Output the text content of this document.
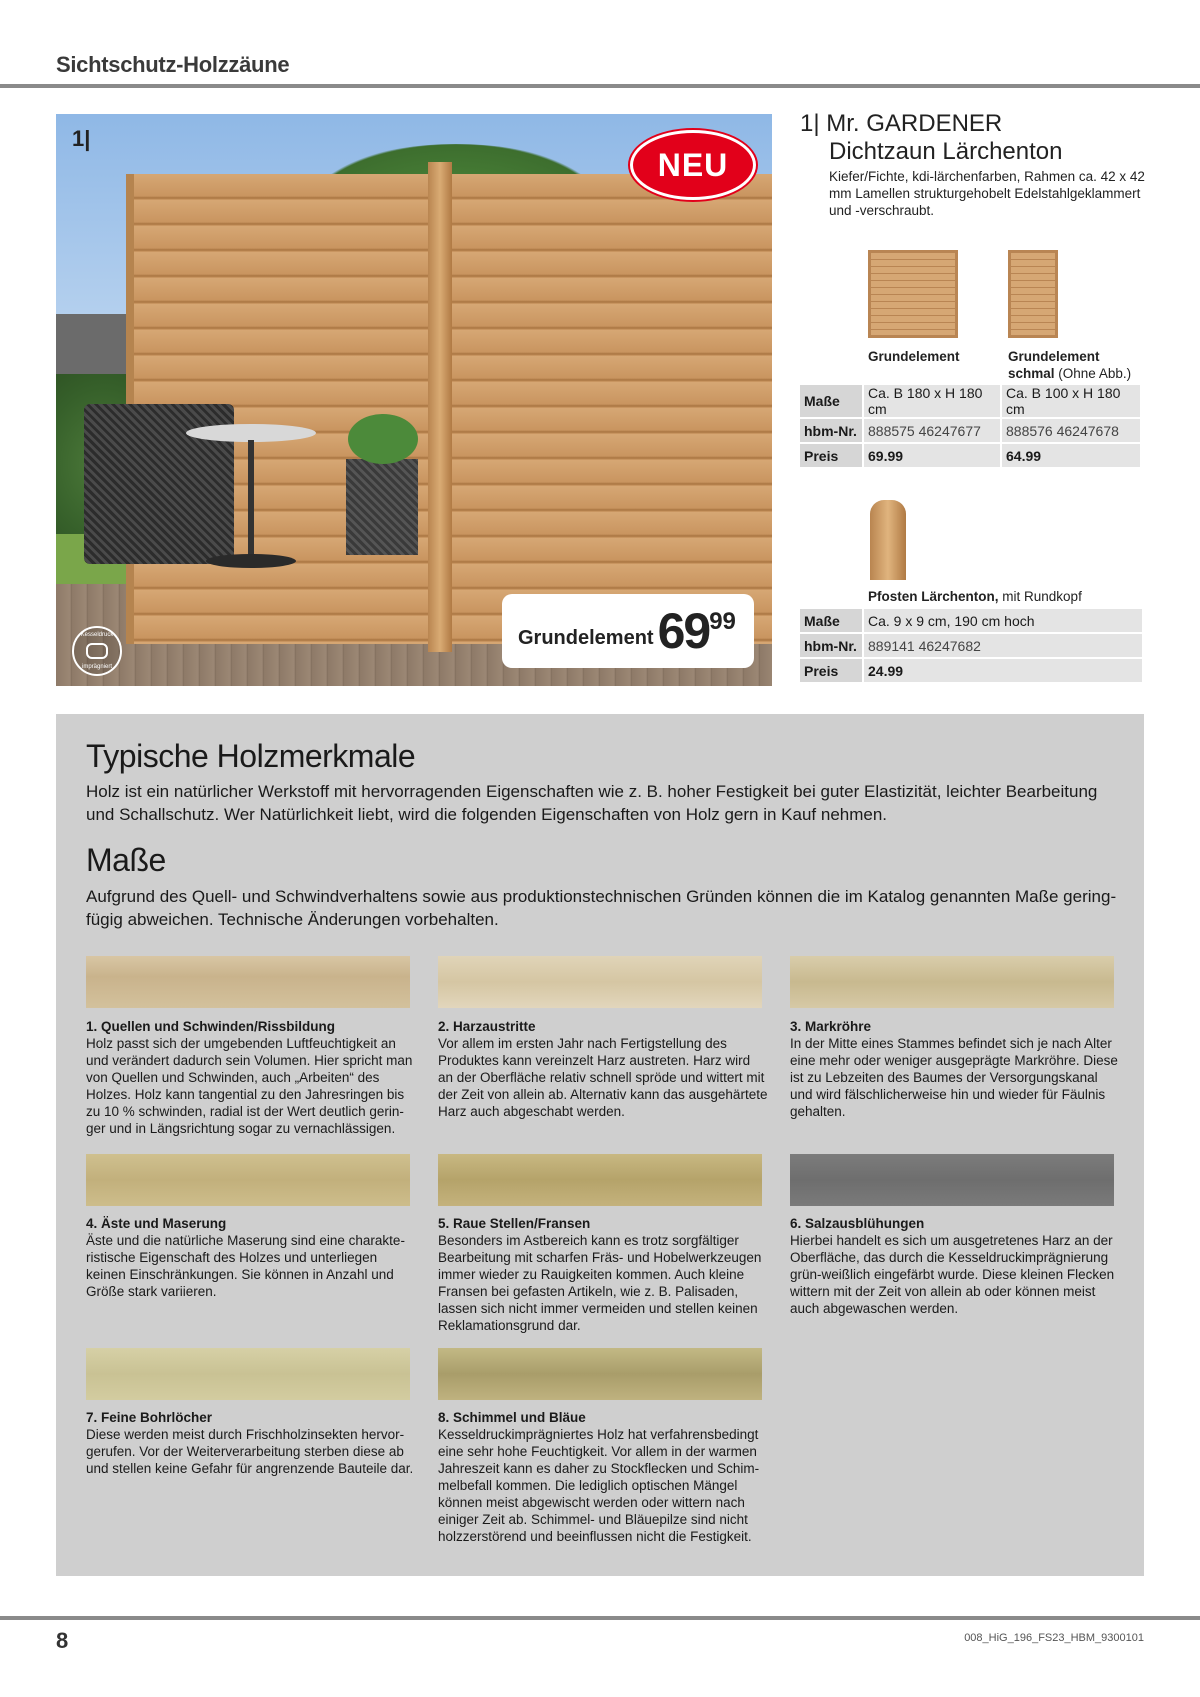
Sichtschutz-Holzzäune
1|
NEU
Grundelement 69 99
Kesseldruck
imprägniert
1| Mr. GARDENER
Dichtzaun Lärchenton
Kiefer/Fichte, kdi-lärchenfarben, Rahmen ca. 42 x 42 mm Lamellen strukturgehobelt Edelstahlgeklammert und -verschraubt.
Grundelement	Grundelement
schmal (Ohne Abb.)
Maße	Ca. B 180 x H 180 cm	Ca. B 100 x H 180 cm
hbm-Nr.	888575 46247677	888576 46247678
Preis	69.99	64.99
Pfosten Lärchenton, mit Rundkopf
Maße	Ca. 9 x 9 cm, 190 cm hoch
hbm-Nr.	889141 46247682
Preis	24.99
Typische Holzmerkmale
Holz ist ein natürlicher Werkstoff mit hervorragenden Eigenschaften wie z. B. hoher Festigkeit bei guter Elastizität, leichter Bearbeitung und Schallschutz. Wer Natürlichkeit liebt, wird die folgenden Eigenschaften von Holz gern in Kauf nehmen.
Maße
Aufgrund des Quell- und Schwindverhaltens sowie aus produktionstechnischen Gründen können die im Katalog genannten Maße geringfügig abweichen. Technische Änderungen vorbehalten.
1. Quellen und Schwinden/Rissbildung
Holz passt sich der umgebenden Luftfeuchtigkeit an und verändert dadurch sein Volumen. Hier spricht man von Quellen und Schwinden, auch „Arbeiten“ des Holzes. Holz kann tangential zu den Jahresringen bis zu 10 % schwinden, radial ist der Wert deutlich geringer und in Längsrichtung sogar zu vernachlässigen.
2. Harzaustritte
Vor allem im ersten Jahr nach Fertigstellung des Produktes kann vereinzelt Harz austreten. Harz wird an der Oberfläche relativ schnell spröde und wittert mit der Zeit von allein ab. Alternativ kann das ausgehärtete Harz auch abgeschabt werden.
3. Markröhre
In der Mitte eines Stammes befindet sich je nach Alter eine mehr oder weniger ausgeprägte Markröhre. Diese ist zu Lebzeiten des Baumes der Versorgungskanal und wird fälschlicherweise hin und wieder für Fäulnis gehalten.
4. Äste und Maserung
Äste und die natürliche Maserung sind eine charakteristische Eigenschaft des Holzes und unterliegen keinen Einschränkungen. Sie können in Anzahl und Größe stark variieren.
5. Raue Stellen/Fransen
Besonders im Astbereich kann es trotz sorgfältiger Bearbeitung mit scharfen Fräs- und Hobelwerkzeugen immer wieder zu Rauigkeiten kommen. Auch kleine Fransen bei gefasten Artikeln, wie z. B. Palisaden, lassen sich nicht immer vermeiden und stellen keinen Reklamationsgrund dar.
6. Salzausblühungen
Hierbei handelt es sich um ausgetretenes Harz an der Oberfläche, das durch die Kesseldruckimprägnierung grün-weißlich eingefärbt wurde. Diese kleinen Flecken wittern mit der Zeit von allein ab oder können meist auch abgewaschen werden.
7. Feine Bohrlöcher
Diese werden meist durch Frischholzinsekten hervorgerufen. Vor der Weiterverarbeitung sterben diese ab und stellen keine Gefahr für angrenzende Bauteile dar.
8. Schimmel und Bläue
Kesseldruckimprägniertes Holz hat verfahrensbedingt eine sehr hohe Feuchtigkeit. Vor allem in der warmen Jahreszeit kann es daher zu Stockflecken und Schimmelbefall kommen. Die lediglich optischen Mängel können meist abgewischt werden oder wittern nach einiger Zeit ab. Schimmel- und Bläuepilze sind nicht holzzerstörend und beeinflussen nicht die Festigkeit.
8	008_HiG_196_FS23_HBM_9300101
